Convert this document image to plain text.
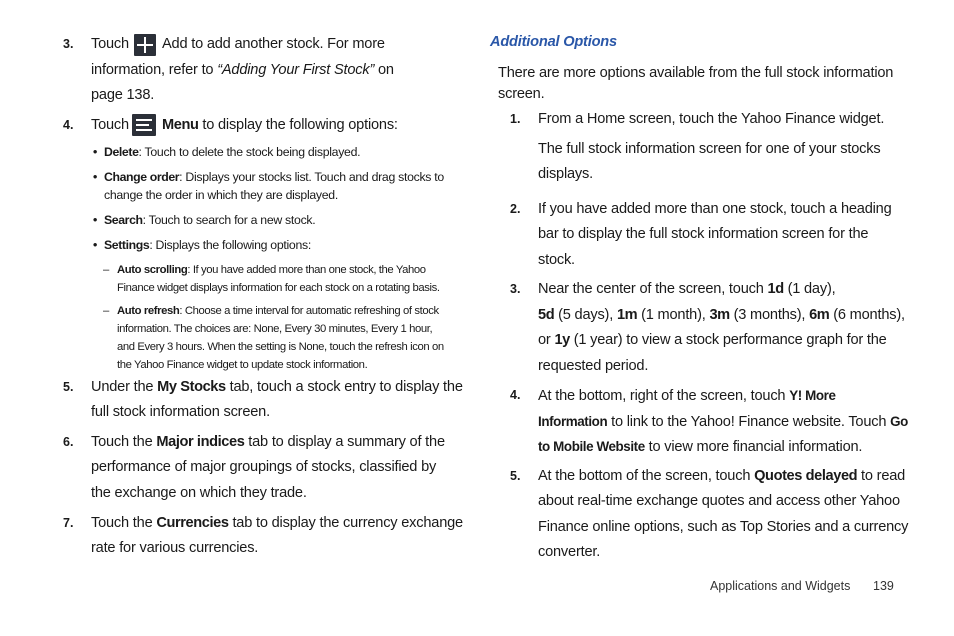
3. Touch Add to add another stock. For more
information, refer to “Adding Your First Stock” on
page 138.
4. Touch Menu to display the following options:
• Delete: Touch to delete the stock being displayed.
• Change order: Displays your stocks list. Touch and drag stocks to
change the order in which they are displayed.
• Search: Touch to search for a new stock.
• Settings: Displays the following options:
– Auto scrolling: If you have added more than one stock, the Yahoo
Finance widget displays information for each stock on a rotating basis.
– Auto refresh: Choose a time interval for automatic refreshing of stock
information. The choices are: None, Every 30 minutes, Every 1 hour,
and Every 3 hours. When the setting is None, touch the refresh icon on
the Yahoo Finance widget to update stock information.
5. Under the My Stocks tab, touch a stock entry to display the
full stock information screen.
6. Touch the Major indices tab to display a summary of the
performance of major groupings of stocks, classified by
the exchange on which they trade.
7. Touch the Currencies tab to display the currency exchange
rate for various currencies.
Additional Options
There are more options available from the full stock information
screen.
1. From a Home screen, touch the Yahoo Finance widget.
The full stock information screen for one of your stocks
displays.
2. If you have added more than one stock, touch a heading
bar to display the full stock information screen for the
stock.
3. Near the center of the screen, touch 1d (1 day),
5d (5 days), 1m (1 month), 3m (3 months), 6m (6 months),
or 1y (1 year) to view a stock performance graph for the
requested period.
4. At the bottom, right of the screen, touch Y! More
Information to link to the Yahoo! Finance website. Touch Go
to Mobile Website to view more financial information.
5. At the bottom of the screen, touch Quotes delayed to read
about real-time exchange quotes and access other Yahoo
Finance online options, such as Top Stories and a currency
converter.
Applications and Widgets 139
